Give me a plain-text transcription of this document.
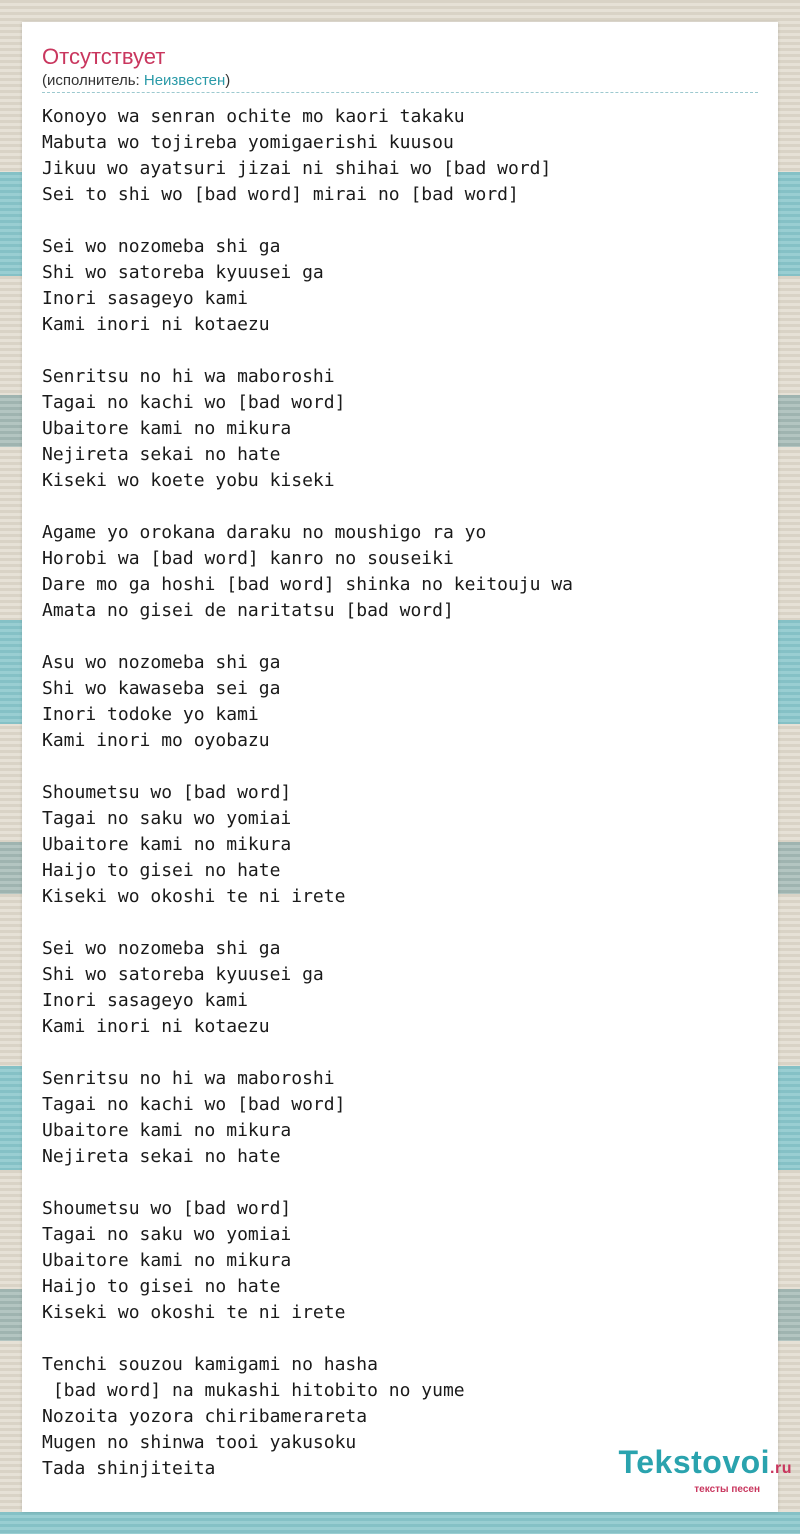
Отсутствует
(исполнитель: Неизвестен)
Konoyo wa senran ochite mo kaori takaku
Mabuta wo tojireba yomigaerishi kuusou
Jikuu wo ayatsuri jizai ni shihai wo [bad word]
Sei to shi wo [bad word] mirai no [bad word]

Sei wo nozomeba shi ga
Shi wo satoreba kyuusei ga
Inori sasageyo kami
Kami inori ni kotaezu

Senritsu no hi wa maboroshi
Tagai no kachi wo [bad word]
Ubaitore kami no mikura
Nejireta sekai no hate
Kiseki wo koete yobu kiseki

Agame yo orokana daraku no moushigo ra yo
Horobi wa [bad word] kanro no souseiki
Dare mo ga hoshi [bad word] shinka no keitouju wa
Amata no gisei de naritatsu [bad word]

Asu wo nozomeba shi ga
Shi wo kawaseba sei ga
Inori todoke yo kami
Kami inori mo oyobazu

Shoumetsu wo [bad word]
Tagai no saku wo yomiai
Ubaitore kami no mikura
Haijo to gisei no hate
Kiseki wo okoshi te ni irete

Sei wo nozomeba shi ga
Shi wo satoreba kyuusei ga
Inori sasageyo kami
Kami inori ni kotaezu

Senritsu no hi wa maboroshi
Tagai no kachi wo [bad word]
Ubaitore kami no mikura
Nejireta sekai no hate

Shoumetsu wo [bad word]
Tagai no saku wo yomiai
Ubaitore kami no mikura
Haijo to gisei no hate
Kiseki wo okoshi te ni irete

Tenchi souzou kamigami no hasha
[bad word] na mukashi hitobito no yume
Nozoita yozora chiribamerareta
Mugen no shinwa tooi yakusoku
Tada shinjiteita	Tekstovoi.ru
тексты песен
